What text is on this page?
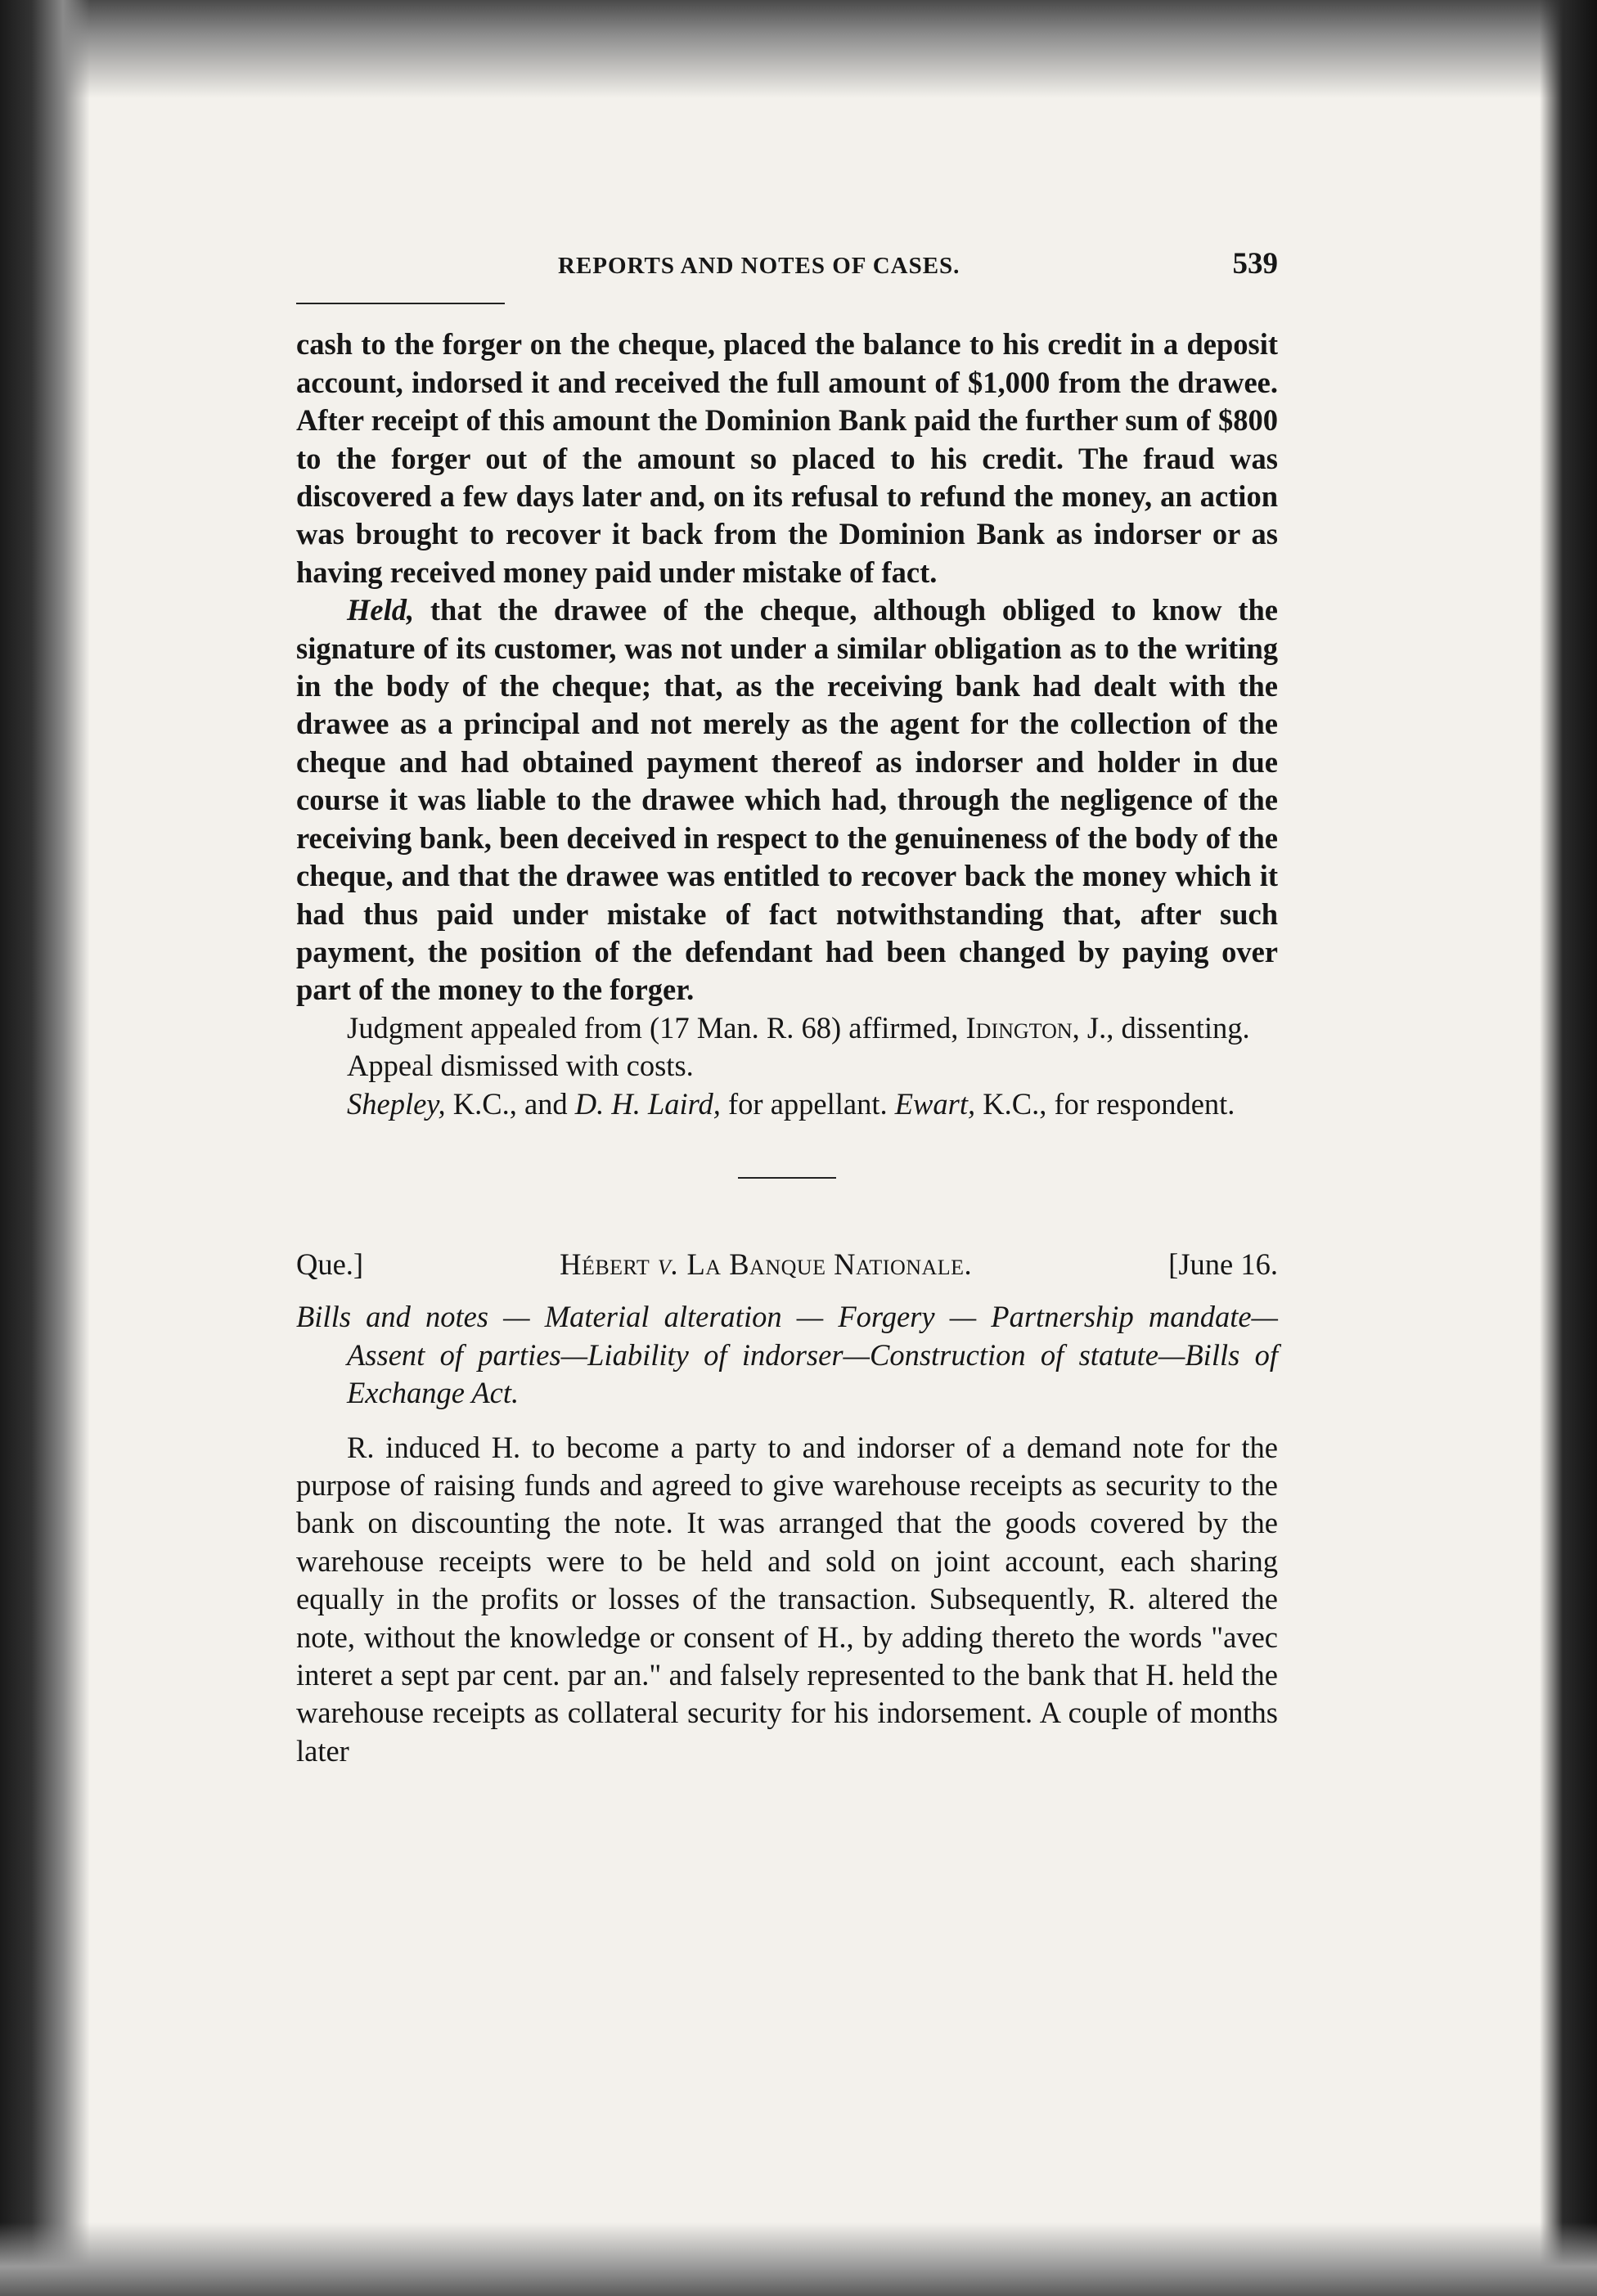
REPORTS AND NOTES OF CASES.	539

cash to the forger on the cheque, placed the balance to his credit in a deposit account, indorsed it and received the full amount of $1,000 from the drawee. After receipt of this amount the Dominion Bank paid the further sum of $800 to the forger out of the amount so placed to his credit. The fraud was discovered a few days later and, on its refusal to refund the money, an action was brought to recover it back from the Dominion Bank as indorser or as having received money paid under mistake of fact.

Held, that the drawee of the cheque, although obliged to know the signature of its customer, was not under a similar obligation as to the writing in the body of the cheque; that, as the receiving bank had dealt with the drawee as a principal and not merely as the agent for the collection of the cheque and had obtained payment thereof as indorser and holder in due course it was liable to the drawee which had, through the negligence of the receiving bank, been deceived in respect to the genuineness of the body of the cheque, and that the drawee was entitled to recover back the money which it had thus paid under mistake of fact notwithstanding that, after such payment, the position of the defendant had been changed by paying over part of the money to the forger.

Judgment appealed from (17 Man. R. 68) affirmed, Idington, J., dissenting.

Appeal dismissed with costs.

Shepley, K.C., and D. H. Laird, for appellant. Ewart, K.C., for respondent.

Que.]	Hébert v. La Banque Nationale.	[June 16.

Bills and notes — Material alteration — Forgery — Partnership mandate—Assent of parties—Liability of indorser—Construction of statute—Bills of Exchange Act.

R. induced H. to become a party to and indorser of a demand note for the purpose of raising funds and agreed to give warehouse receipts as security to the bank on discounting the note. It was arranged that the goods covered by the warehouse receipts were to be held and sold on joint account, each sharing equally in the profits or losses of the transaction. Subsequently, R. altered the note, without the knowledge or consent of H., by adding thereto the words "avec interet a sept par cent. par an." and falsely represented to the bank that H. held the warehouse receipts as collateral security for his indorsement. A couple of months later
